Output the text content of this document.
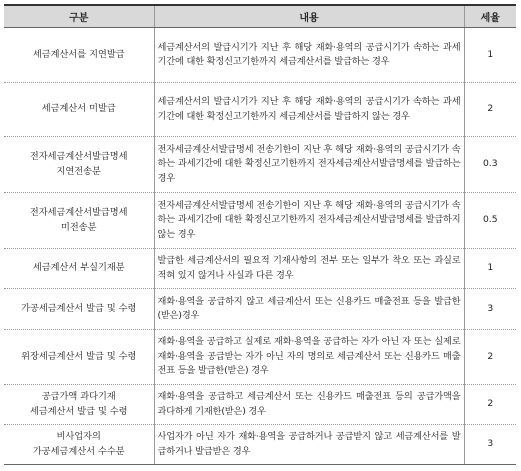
구분	내용	세율
세금계산서를 지연발급	세금계산서의 발급시기가 지난 후 해당 재화·용역의 공급시기가 속하는 과세기간에 대한 확정신고기한까지 세금계산서를 발급하는 경우	1
세금계산서 미발급	세금계산서의 발급시기가 지난 후 해당 재화·용역의 공급시기가 속하는 과세기간에 대한 확정신고기한까지 세금계산서를 발급하지 않는 경우	2
전자세금계산서발급명세
지연전송분	전자세금계산서발급명세 전송기한이 지난 후 해당 재화·용역의 공급시기가 속하는 과세기간에 대한 확정신고기한까지 전자세금계산서발급명세를 발급하는 경우	0.3
전자세금계산서발급명세
미전송분	전자세금계산서발급명세 전송기한이 지난 후 해당 재화·용역의 공급시기가 속하는 과세기간에 대한 확정신고기한까지 전자세금계산서발급명세를 발급하지 않는 경우	0.5
세금계산서 부실기재분	발급한 세금계산서의 필요적 기재사항의 전부 또는 일부가 착오 또는 과실로 적혀 있지 않거나 사실과 다른 경우	1
가공세금계산서 발급 및 수령	재화·용역을 공급하지 않고 세금계산서 또는 신용카드 매출전표 등을 발급한 (받은)경우	3
위장세금계산서 발급 및 수령	재화·용역을 공급하고 실제로 재화·용역을 공급하는 자가 아닌 자 또는 실제로 재화·용역을 공급받는 자가 아닌 자의 명의로 세금계산서 또는 신용카드 매출전표 등을 발급한(받은) 경우	2
공급가액 과다기재
세금계산서 발급 및 수령	재화·용역을 공급하고 세금계산서 또는 신용카드 매출전표 등의 공급가액을 과다하게 기재한(받은) 경우	2
비사업자의
가공세금계산서 수수분	사업자가 아닌 자가 재화·용역을 공급하거나 공급받지 않고 세금계산서를 발급하거나 발급받은 경우	3
